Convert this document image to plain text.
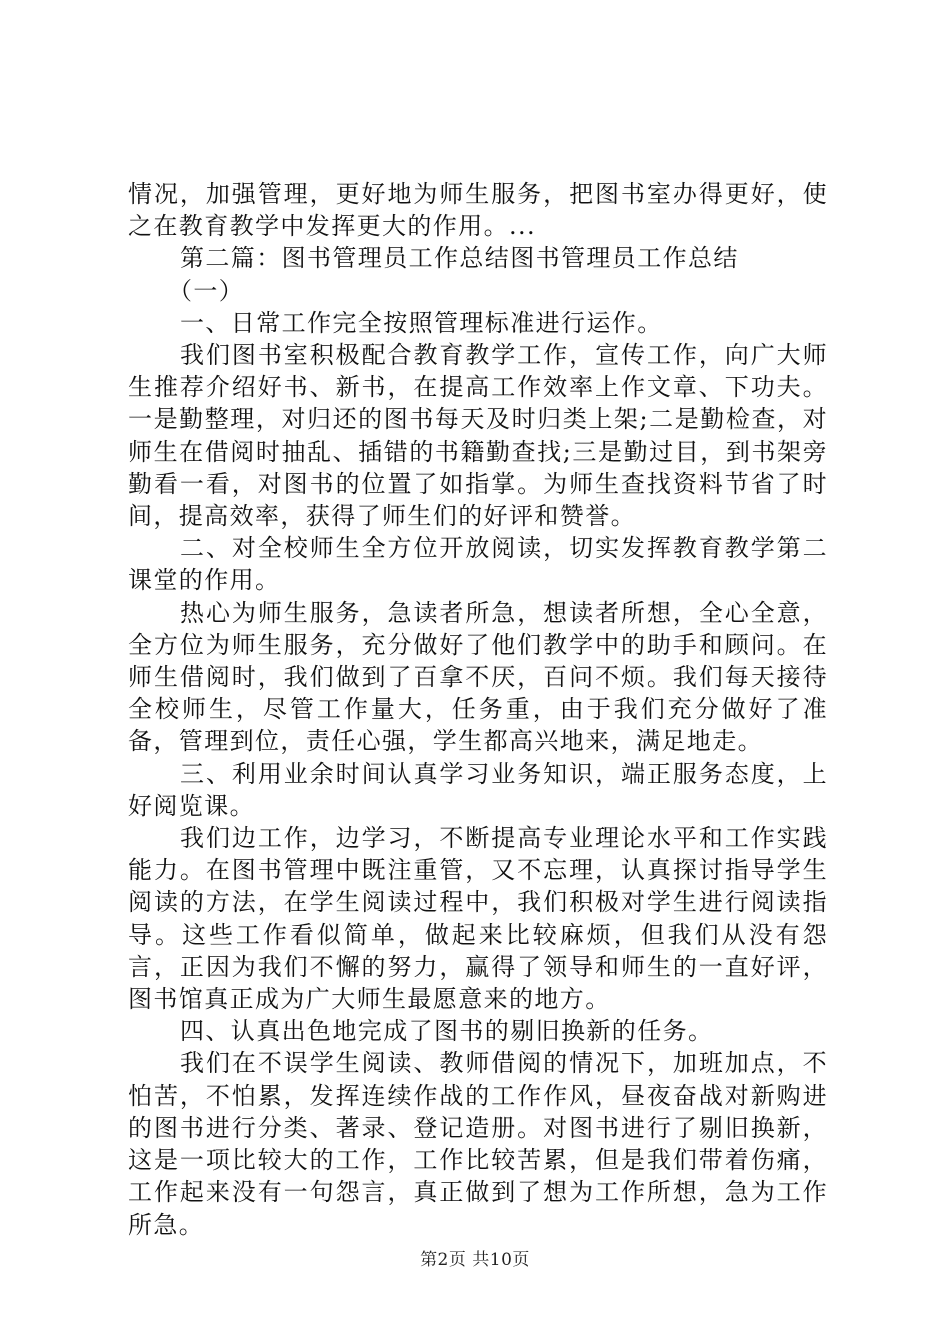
情况，加强管理，更好地为师生服务，把图书室办得更好，使之在教育教学中发挥更大的作用。...

第二篇：图书管理员工作总结图书管理员工作总结

（一）

一、日常工作完全按照管理标准进行运作。

我们图书室积极配合教育教学工作，宣传工作，向广大师生推荐介绍好书、新书，在提高工作效率上作文章、下功夫。一是勤整理，对归还的图书每天及时归类上架;二是勤检查，对师生在借阅时抽乱、插错的书籍勤查找;三是勤过目，到书架旁勤看一看，对图书的位置了如指掌。为师生查找资料节省了时间，提高效率，获得了师生们的好评和赞誉。

二、对全校师生全方位开放阅读，切实发挥教育教学第二课堂的作用。

热心为师生服务，急读者所急，想读者所想，全心全意，全方位为师生服务，充分做好了他们教学中的助手和顾问。在师生借阅时，我们做到了百拿不厌，百问不烦。我们每天接待全校师生，尽管工作量大，任务重，由于我们充分做好了准备，管理到位，责任心强，学生都高兴地来，满足地走。

三、利用业余时间认真学习业务知识，端正服务态度，上好阅览课。

我们边工作，边学习，不断提高专业理论水平和工作实践能力。在图书管理中既注重管，又不忘理，认真探讨指导学生阅读的方法，在学生阅读过程中，我们积极对学生进行阅读指导。这些工作看似简单，做起来比较麻烦，但我们从没有怨言，正因为我们不懈的努力，赢得了领导和师生的一直好评，图书馆真正成为广大师生最愿意来的地方。

四、认真出色地完成了图书的剔旧换新的任务。

我们在不误学生阅读、教师借阅的情况下，加班加点，不怕苦，不怕累，发挥连续作战的工作作风，昼夜奋战对新购进的图书进行分类、著录、登记造册。对图书进行了剔旧换新，这是一项比较大的工作，工作比较苦累，但是我们带着伤痛，工作起来没有一句怨言，真正做到了想为工作所想，急为工作所急。

第2页 共10页
